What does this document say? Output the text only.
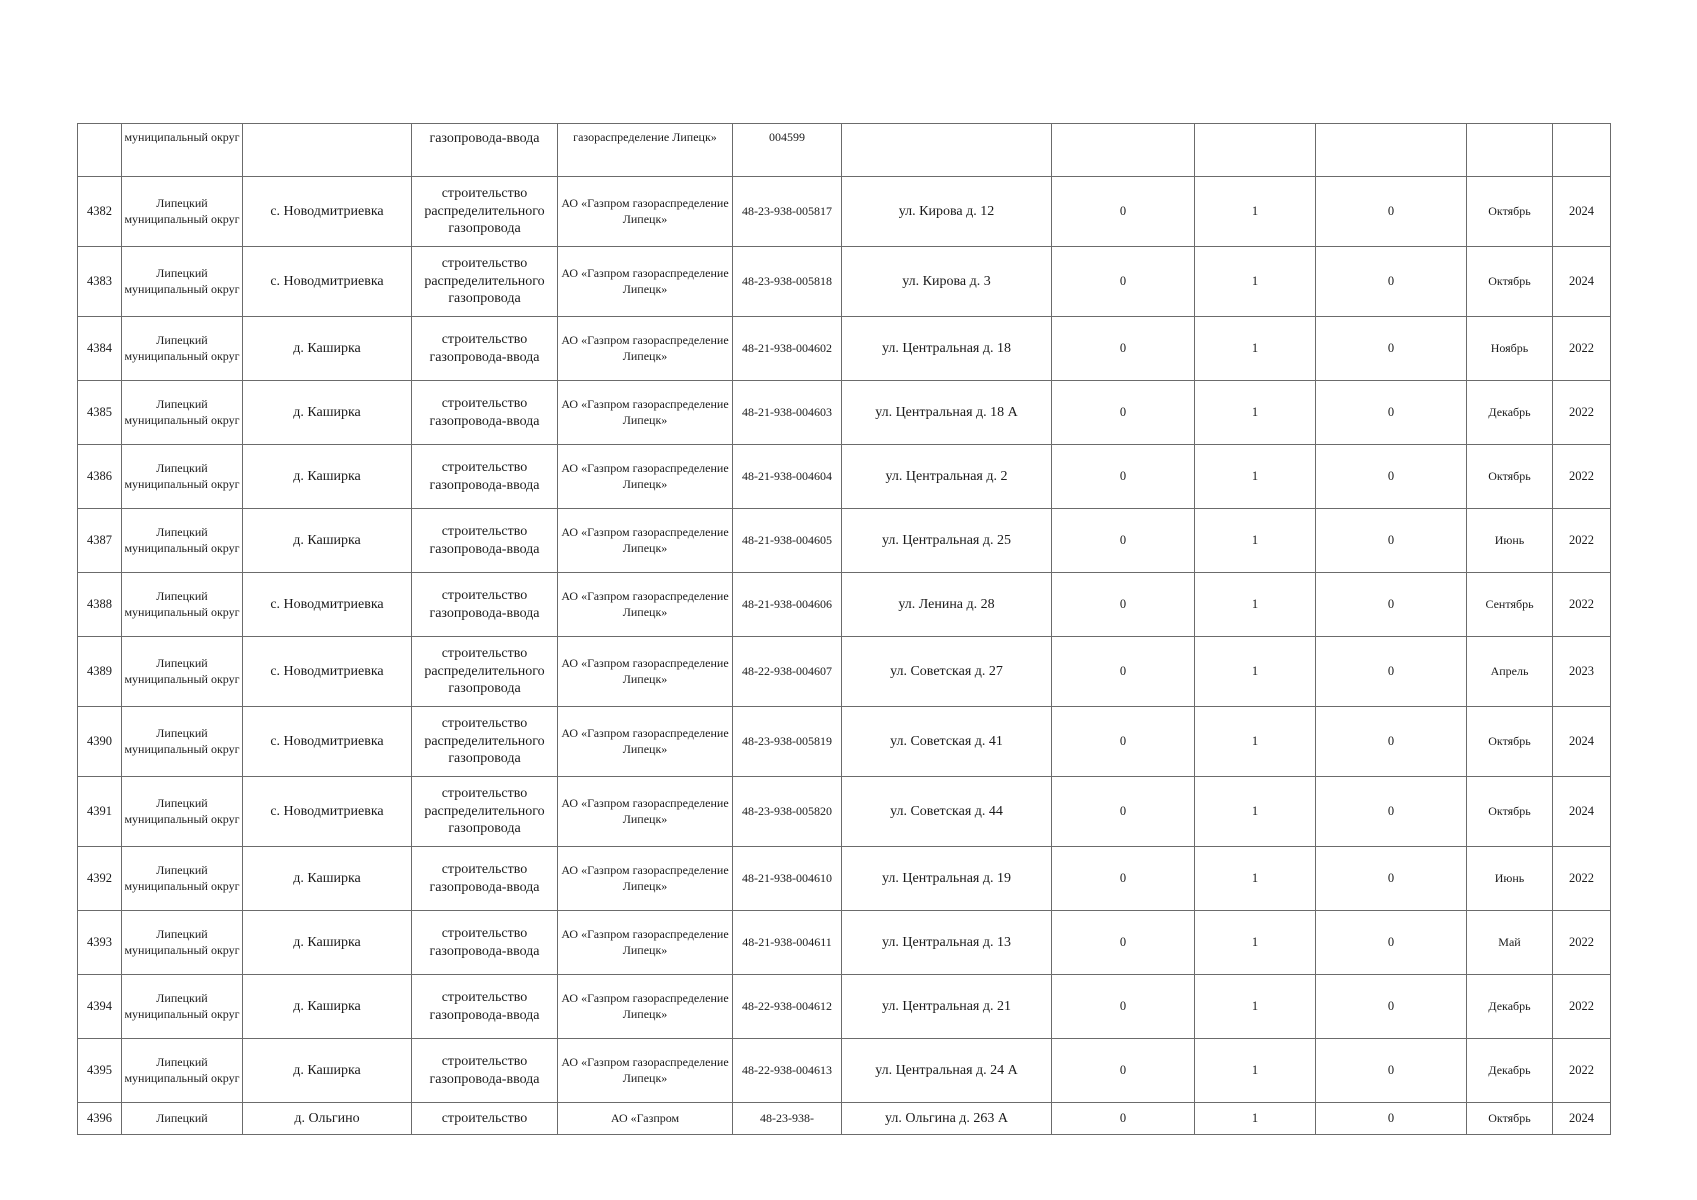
	муниципальный округ		газопровода-ввода	газораспределение Липецк»	004599						
4382	Липецкий муниципальный округ	с. Новодмитриевка	строительство распределительного газопровода	АО «Газпром газораспределение Липецк»	48-23-938-005817	ул. Кирова д. 12	0	1	0	Октябрь	2024
4383	Липецкий муниципальный округ	с. Новодмитриевка	строительство распределительного газопровода	АО «Газпром газораспределение Липецк»	48-23-938-005818	ул. Кирова д. 3	0	1	0	Октябрь	2024
4384	Липецкий муниципальный округ	д. Каширка	строительство газопровода-ввода	АО «Газпром газораспределение Липецк»	48-21-938-004602	ул. Центральная д. 18	0	1	0	Ноябрь	2022
4385	Липецкий муниципальный округ	д. Каширка	строительство газопровода-ввода	АО «Газпром газораспределение Липецк»	48-21-938-004603	ул. Центральная д. 18 А	0	1	0	Декабрь	2022
4386	Липецкий муниципальный округ	д. Каширка	строительство газопровода-ввода	АО «Газпром газораспределение Липецк»	48-21-938-004604	ул. Центральная д. 2	0	1	0	Октябрь	2022
4387	Липецкий муниципальный округ	д. Каширка	строительство газопровода-ввода	АО «Газпром газораспределение Липецк»	48-21-938-004605	ул. Центральная д. 25	0	1	0	Июнь	2022
4388	Липецкий муниципальный округ	с. Новодмитриевка	строительство газопровода-ввода	АО «Газпром газораспределение Липецк»	48-21-938-004606	ул. Ленина д. 28	0	1	0	Сентябрь	2022
4389	Липецкий муниципальный округ	с. Новодмитриевка	строительство распределительного газопровода	АО «Газпром газораспределение Липецк»	48-22-938-004607	ул. Советская д. 27	0	1	0	Апрель	2023
4390	Липецкий муниципальный округ	с. Новодмитриевка	строительство распределительного газопровода	АО «Газпром газораспределение Липецк»	48-23-938-005819	ул. Советская д. 41	0	1	0	Октябрь	2024
4391	Липецкий муниципальный округ	с. Новодмитриевка	строительство распределительного газопровода	АО «Газпром газораспределение Липецк»	48-23-938-005820	ул. Советская д. 44	0	1	0	Октябрь	2024
4392	Липецкий муниципальный округ	д. Каширка	строительство газопровода-ввода	АО «Газпром газораспределение Липецк»	48-21-938-004610	ул. Центральная д. 19	0	1	0	Июнь	2022
4393	Липецкий муниципальный округ	д. Каширка	строительство газопровода-ввода	АО «Газпром газораспределение Липецк»	48-21-938-004611	ул. Центральная д. 13	0	1	0	Май	2022
4394	Липецкий муниципальный округ	д. Каширка	строительство газопровода-ввода	АО «Газпром газораспределение Липецк»	48-22-938-004612	ул. Центральная д. 21	0	1	0	Декабрь	2022
4395	Липецкий муниципальный округ	д. Каширка	строительство газопровода-ввода	АО «Газпром газораспределение Липецк»	48-22-938-004613	ул. Центральная д. 24 А	0	1	0	Декабрь	2022
4396	Липецкий	д. Ольгино	строительство	АО «Газпром	48-23-938-	ул. Ольгина д. 263 А	0	1	0	Октябрь	2024
